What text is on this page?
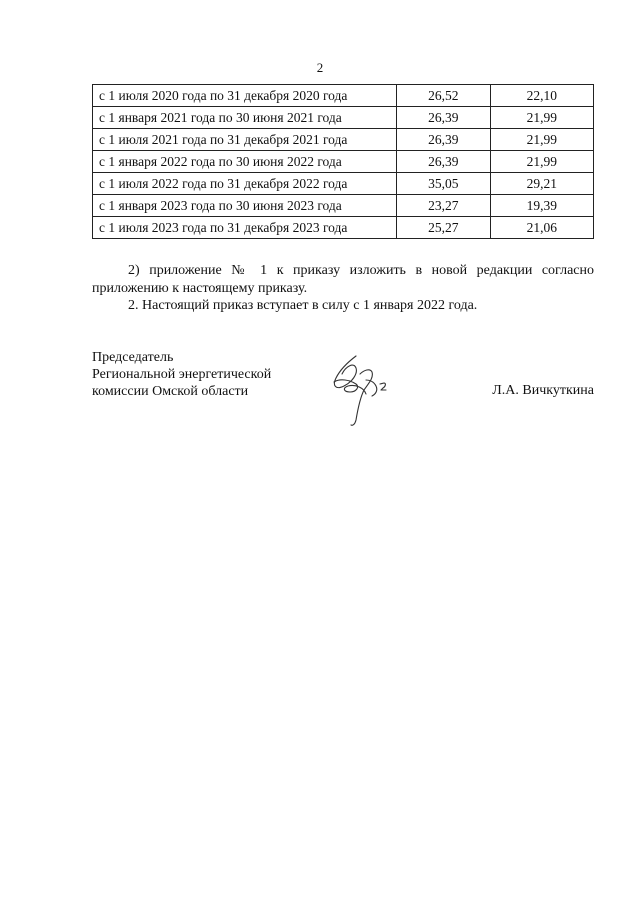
2
с 1 июля 2020 года по 31 декабря 2020 года	26,52	22,10
с 1 января 2021 года по 30 июня 2021 года	26,39	21,99
с 1 июля 2021 года по 31 декабря 2021 года	26,39	21,99
с 1 января 2022 года по 30 июня 2022 года	26,39	21,99
с 1 июля 2022 года по 31 декабря 2022 года	35,05	29,21
с 1 января 2023 года по 30 июня 2023 года	23,27	19,39
с 1 июля 2023 года по 31 декабря 2023 года	25,27	21,06

2) приложение № 1 к приказу изложить в новой редакции согласно приложению к настоящему приказу.

2. Настоящий приказ вступает в силу с 1 января 2022 года.

Председатель
Региональной энергетической
комиссии Омской области	Л.А. Вичкуткина
